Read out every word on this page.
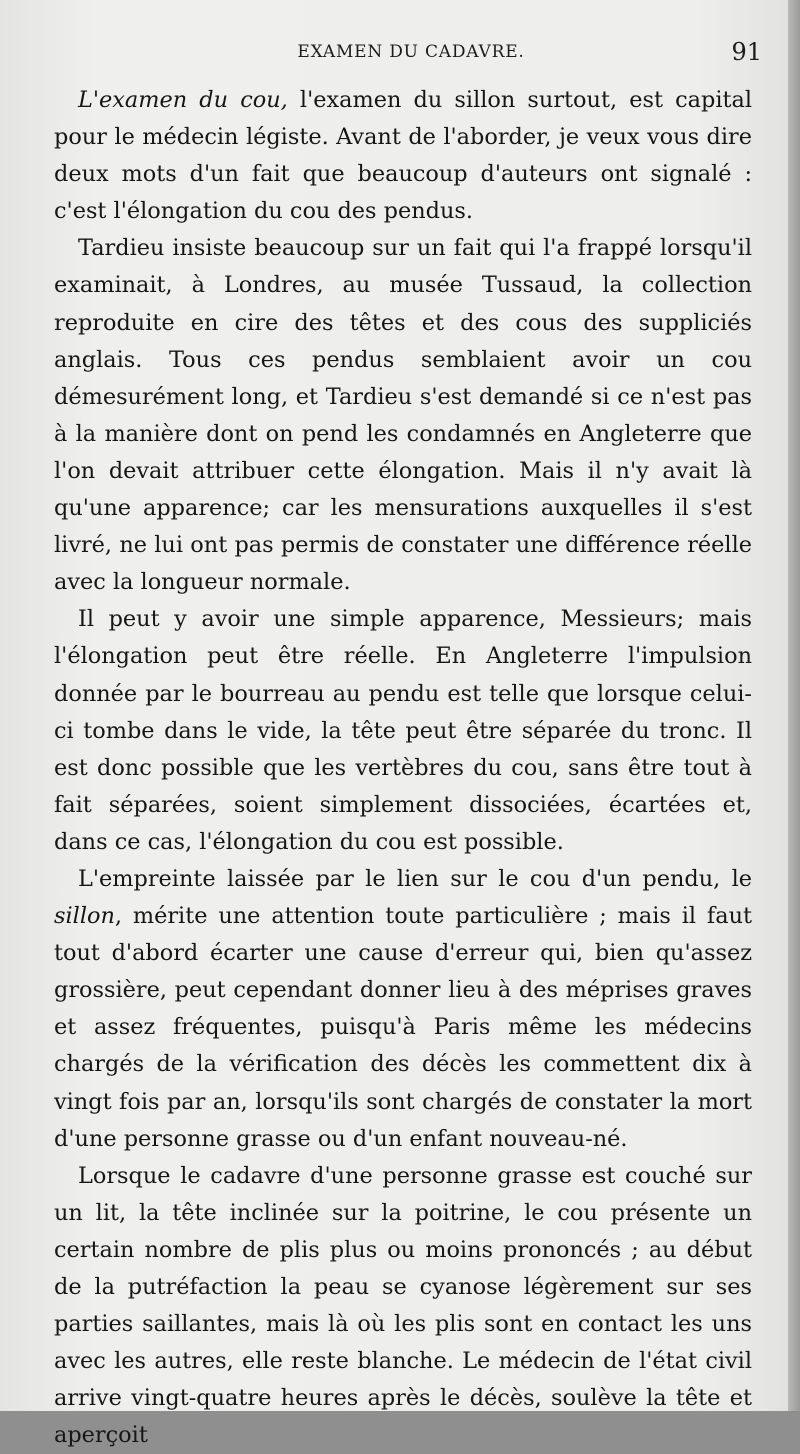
EXAMEN DU CADAVRE.	91

L'examen du cou, l'examen du sillon surtout, est capital pour le médecin légiste. Avant de l'aborder, je veux vous dire deux mots d'un fait que beaucoup d'auteurs ont signalé : c'est l'élongation du cou des pendus.

Tardieu insiste beaucoup sur un fait qui l'a frappé lorsqu'il examinait, à Londres, au musée Tussaud, la collection reproduite en cire des têtes et des cous des suppliciés anglais. Tous ces pendus semblaient avoir un cou démesurément long, et Tardieu s'est demandé si ce n'est pas à la manière dont on pend les condamnés en Angleterre que l'on devait attribuer cette élongation. Mais il n'y avait là qu'une apparence; car les mensurations auxquelles il s'est livré, ne lui ont pas permis de constater une différence réelle avec la longueur normale.

Il peut y avoir une simple apparence, Messieurs; mais l'élongation peut être réelle. En Angleterre l'impulsion donnée par le bourreau au pendu est telle que lorsque celui-ci tombe dans le vide, la tête peut être séparée du tronc. Il est donc possible que les vertèbres du cou, sans être tout à fait séparées, soient simplement dissociées, écartées et, dans ce cas, l'élongation du cou est possible.

L'empreinte laissée par le lien sur le cou d'un pendu, le sillon, mérite une attention toute particulière ; mais il faut tout d'abord écarter une cause d'erreur qui, bien qu'assez grossière, peut cependant donner lieu à des méprises graves et assez fréquentes, puisqu'à Paris même les médecins chargés de la vérification des décès les commettent dix à vingt fois par an, lorsqu'ils sont chargés de constater la mort d'une personne grasse ou d'un enfant nouveau-né.

Lorsque le cadavre d'une personne grasse est couché sur un lit, la tête inclinée sur la poitrine, le cou présente un certain nombre de plis plus ou moins prononcés ; au début de la putréfaction la peau se cyanose légèrement sur ses parties saillantes, mais là où les plis sont en contact les uns avec les autres, elle reste blanche. Le médecin de l'état civil arrive vingt-quatre heures après le décès, soulève la tête et aperçoit
